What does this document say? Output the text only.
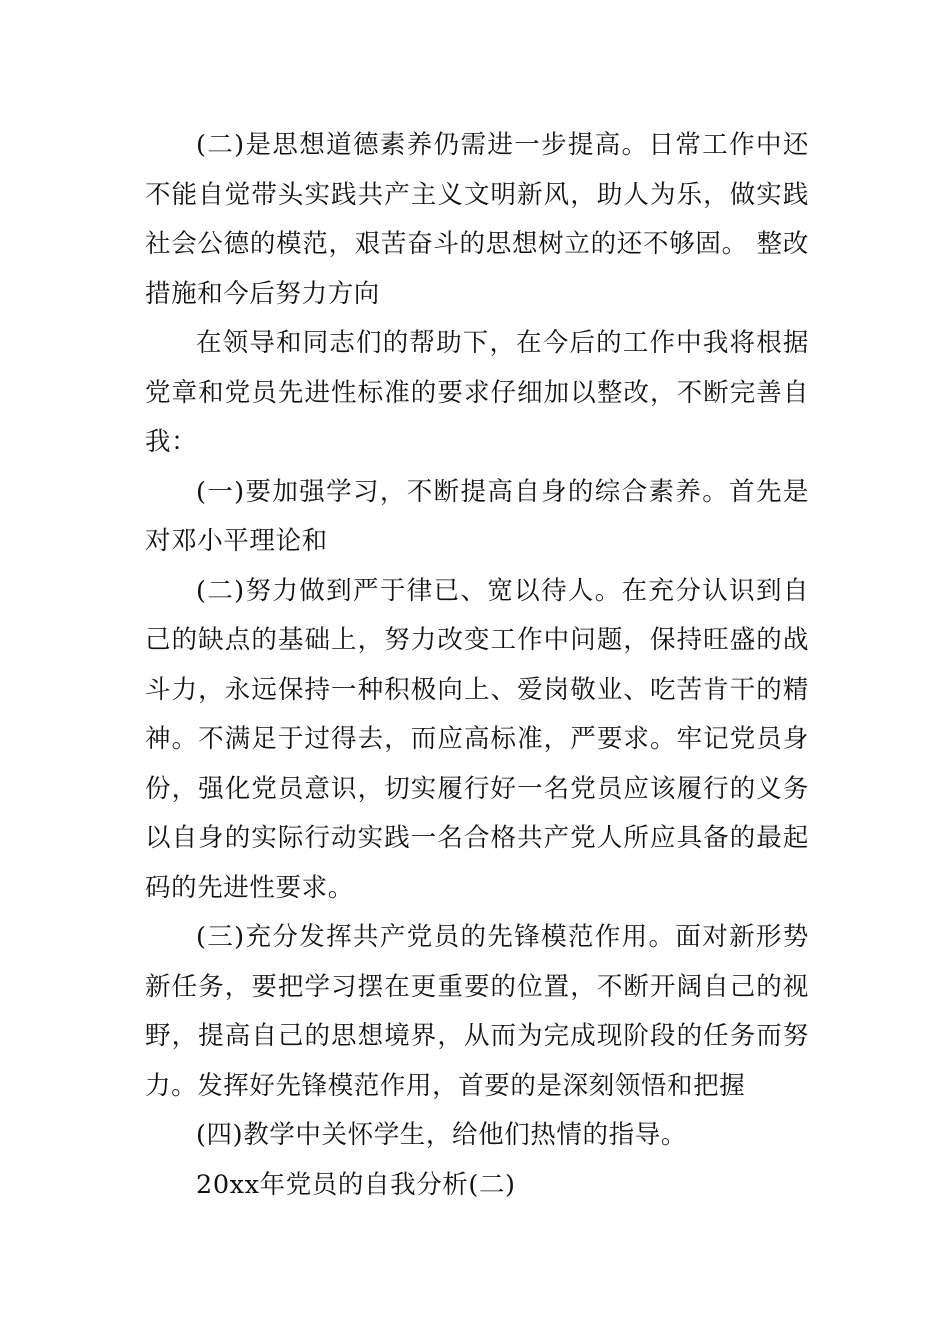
(二)是思想道德素养仍需进一步提高。日常工作中还不能自觉带头实践共产主义文明新风，助人为乐，做实践社会公德的模范，艰苦奋斗的思想树立的还不够固。 整改措施和今后努力方向

在领导和同志们的帮助下，在今后的工作中我将根据党章和党员先进性标准的要求仔细加以整改，不断完善自我：

(一)要加强学习，不断提高自身的综合素养。首先是对邓小平理论和

(二)努力做到严于律已、宽以待人。在充分认识到自己的缺点的基础上，努力改变工作中问题，保持旺盛的战斗力，永远保持一种积极向上、爱岗敬业、吃苦肯干的精神。不满足于过得去，而应高标准，严要求。牢记党员身份，强化党员意识，切实履行好一名党员应该履行的义务以自身的实际行动实践一名合格共产党人所应具备的最起码的先进性要求。

(三)充分发挥共产党员的先锋模范作用。面对新形势新任务，要把学习摆在更重要的位置，不断开阔自己的视野，提高自己的思想境界，从而为完成现阶段的任务而努力。发挥好先锋模范作用，首要的是深刻领悟和把握

(四)教学中关怀学生，给他们热情的指导。

20xx年党员的自我分析(二)
